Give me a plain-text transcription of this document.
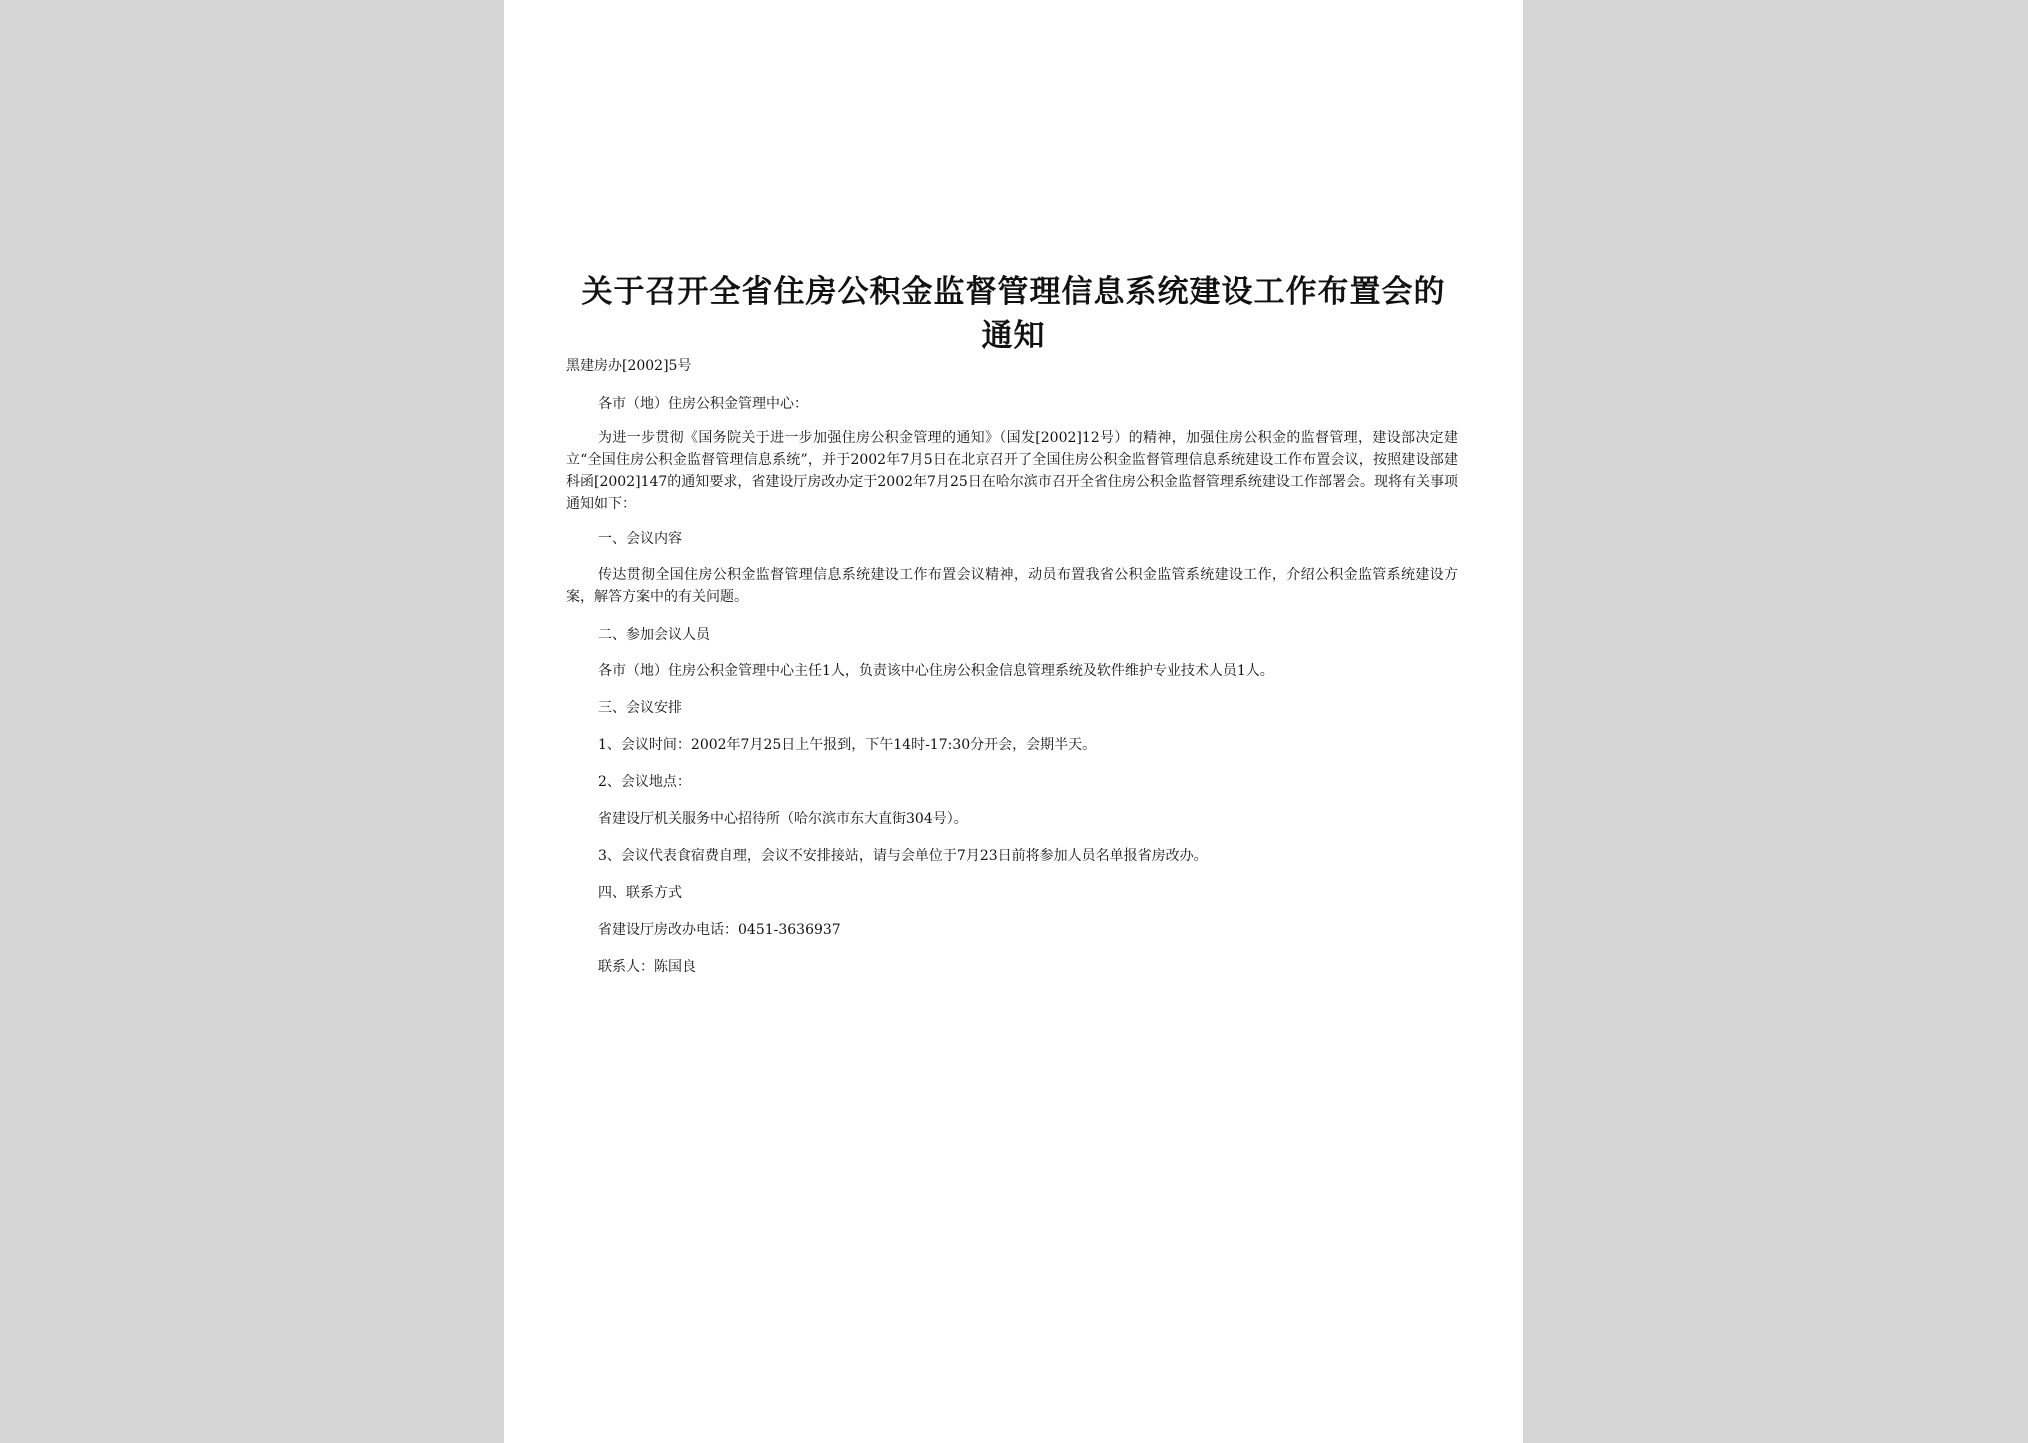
关于召开全省住房公积金监督管理信息系统建设工作布置会的通知
黑建房办[2002]5号
各市（地）住房公积金管理中心：

为进一步贯彻《国务院关于进一步加强住房公积金管理的通知》（国发[2002]12号）的精神，加强住房公积金的监督管理，建设部决定建立“全国住房公积金监督管理信息系统”，并于2002年7月5日在北京召开了全国住房公积金监督管理信息系统建设工作布置会议，按照建设部建科函[2002]147的通知要求，省建设厅房改办定于2002年7月25日在哈尔滨市召开全省住房公积金监督管理系统建设工作部署会。现将有关事项通知如下：

一、会议内容

传达贯彻全国住房公积金监督管理信息系统建设工作布置会议精神，动员布置我省公积金监管系统建设工作，介绍公积金监管系统建设方案，解答方案中的有关问题。

二、参加会议人员
各市（地）住房公积金管理中心主任1人，负责该中心住房公积金信息管理系统及软件维护专业技术人员1人。
三、会议安排
1、会议时间：2002年7月25日上午报到，下午14时-17:30分开会，会期半天。
2、会议地点：
省建设厅机关服务中心招待所（哈尔滨市东大直街304号）。
3、会议代表食宿费自理，会议不安排接站，请与会单位于7月23日前将参加人员名单报省房改办。
四、联系方式
省建设厅房改办电话：0451-3636937
联系人：陈国良
